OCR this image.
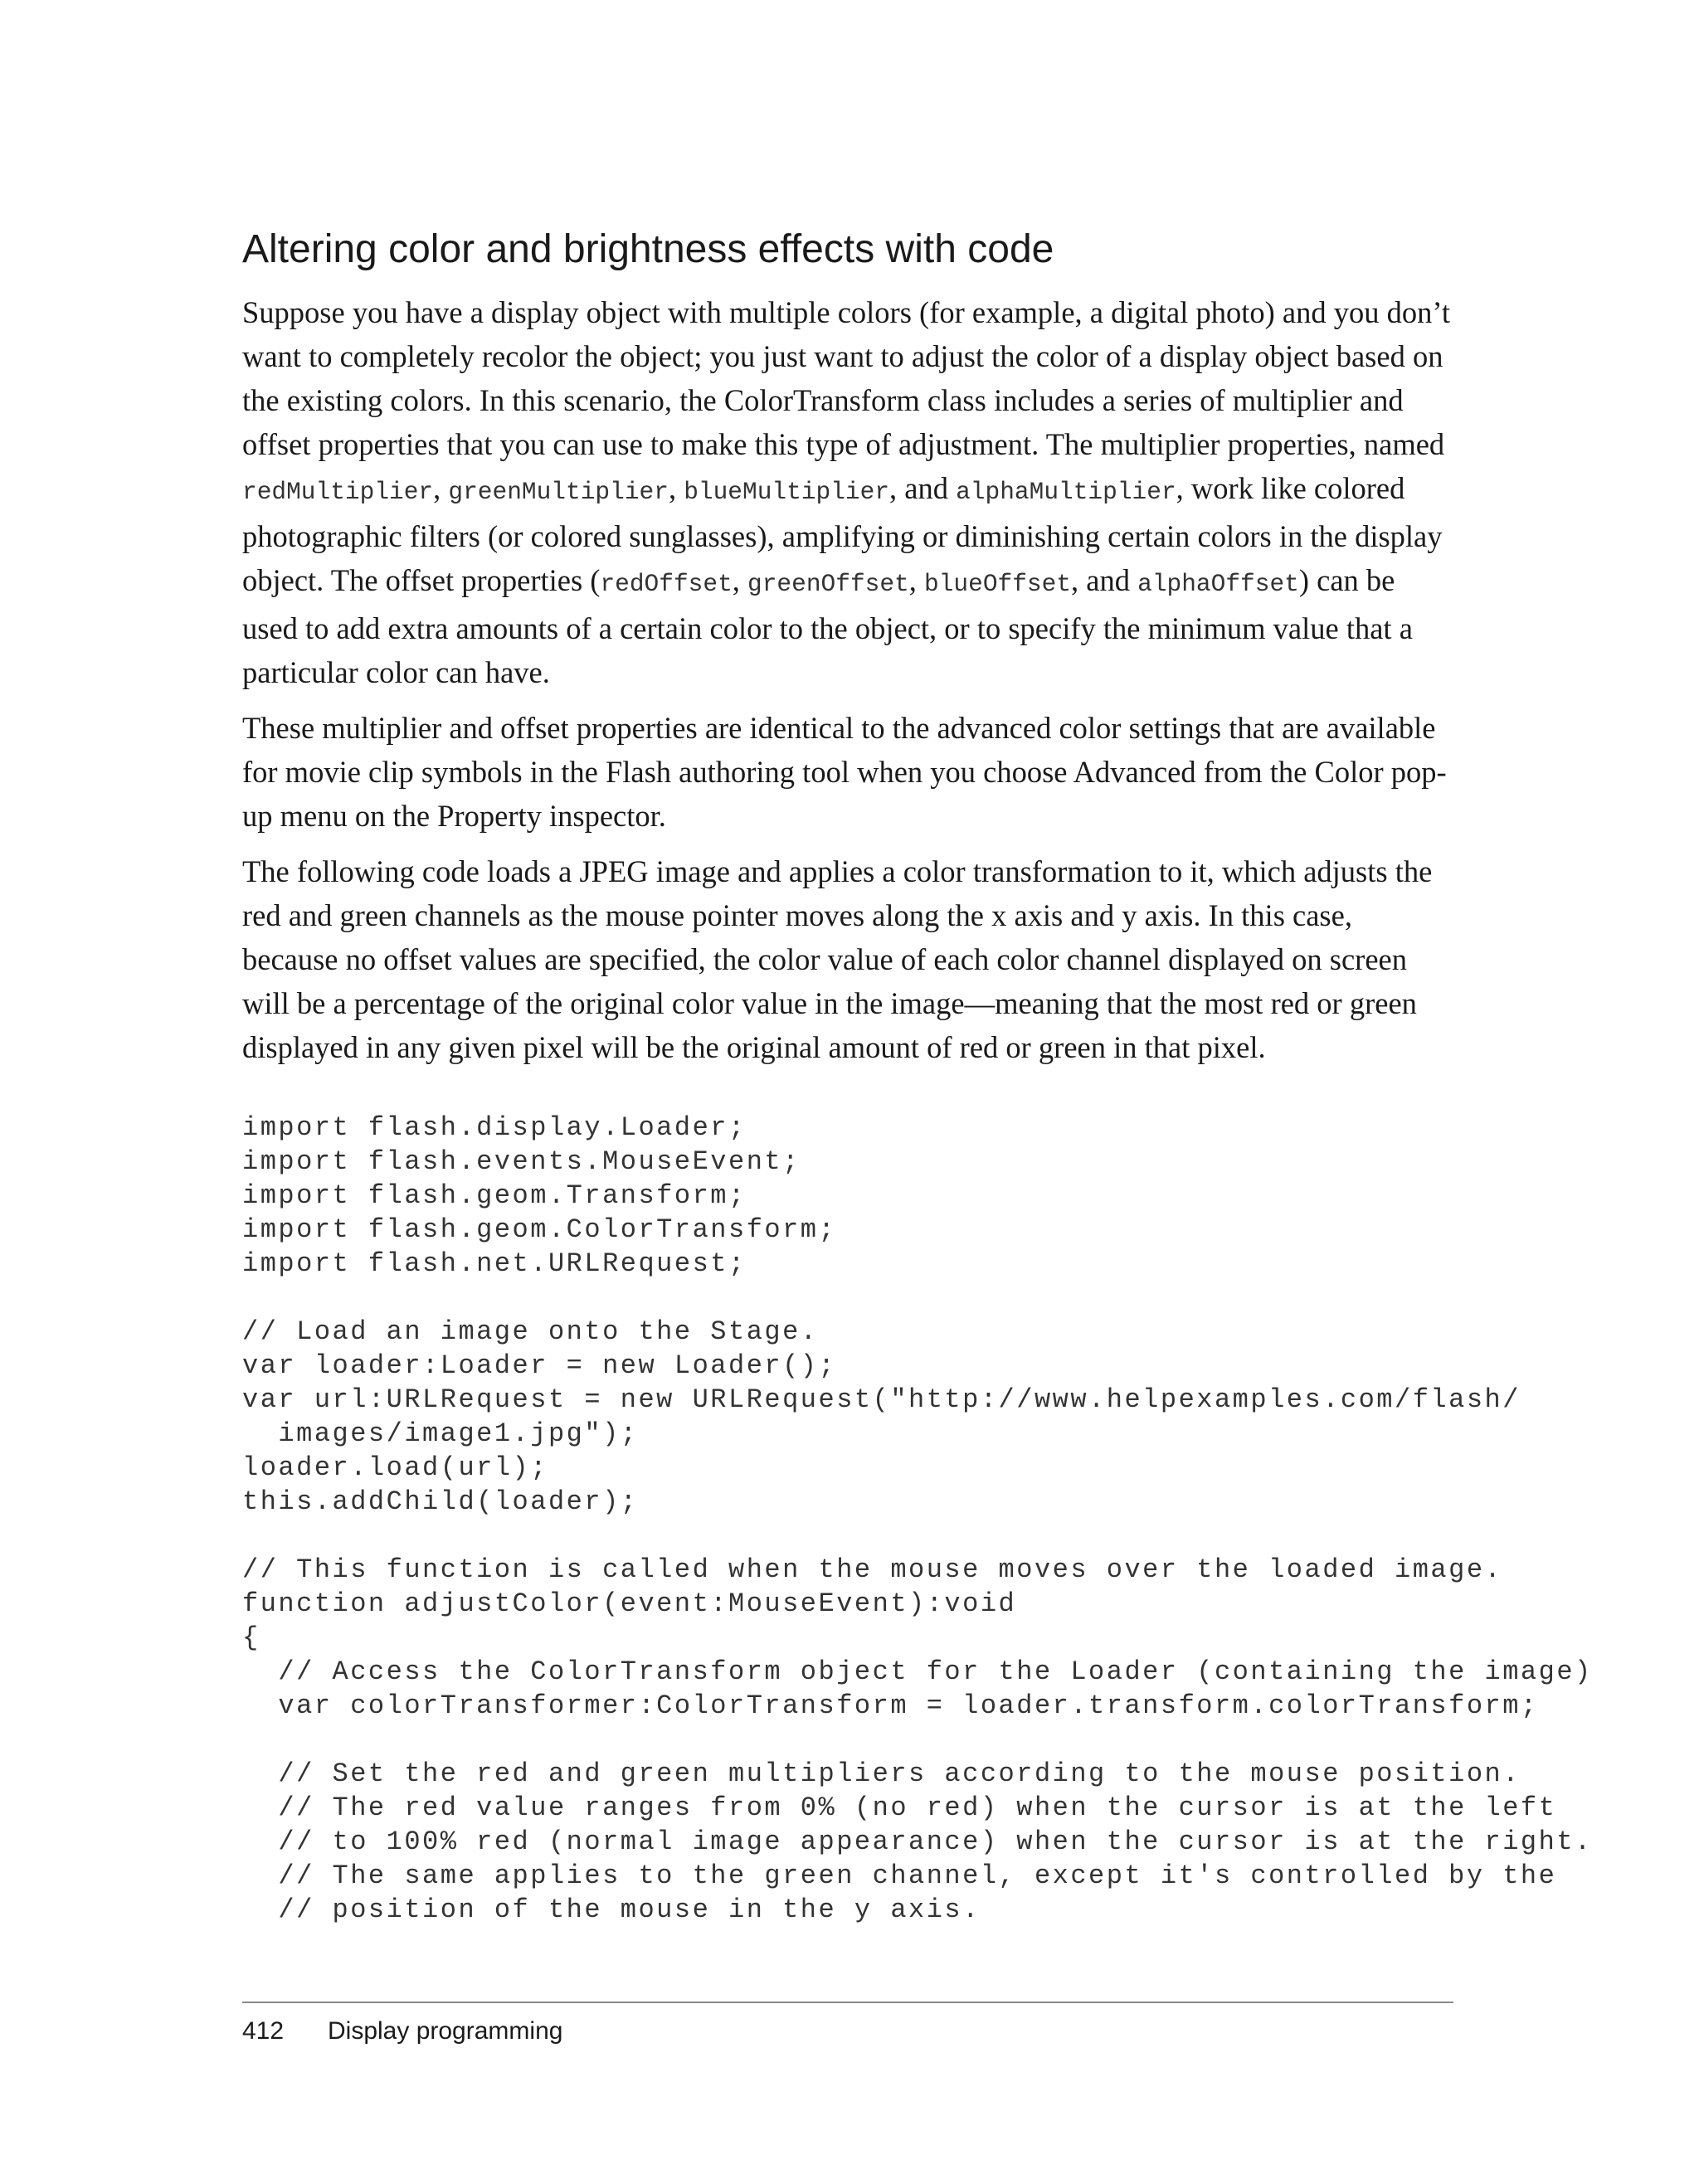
Altering color and brightness effects with code

Suppose you have a display object with multiple colors (for example, a digital photo) and you don’t want to completely recolor the object; you just want to adjust the color of a display object based on the existing colors. In this scenario, the ColorTransform class includes a series of multiplier and offset properties that you can use to make this type of adjustment. The multiplier properties, named redMultiplier, greenMultiplier, blueMultiplier, and alphaMultiplier, work like colored photographic filters (or colored sunglasses), amplifying or diminishing certain colors in the display object. The offset properties (redOffset, greenOffset, blueOffset, and alphaOffset) can be used to add extra amounts of a certain color to the object, or to specify the minimum value that a particular color can have.

These multiplier and offset properties are identical to the advanced color settings that are available for movie clip symbols in the Flash authoring tool when you choose Advanced from the Color pop-up menu on the Property inspector.

The following code loads a JPEG image and applies a color transformation to it, which adjusts the red and green channels as the mouse pointer moves along the x axis and y axis. In this case, because no offset values are specified, the color value of each color channel displayed on screen will be a percentage of the original color value in the image—meaning that the most red or green displayed in any given pixel will be the original amount of red or green in that pixel.

import flash.display.Loader;
import flash.events.MouseEvent;
import flash.geom.Transform;
import flash.geom.ColorTransform;
import flash.net.URLRequest;
// Load an image onto the Stage.
var loader:Loader = new Loader();
var url:URLRequest = new URLRequest("http://www.helpexamples.com/flash/
images/image1.jpg");
loader.load(url);
this.addChild(loader);
// This function is called when the mouse moves over the loaded image.
function adjustColor(event:MouseEvent):void
{
// Access the ColorTransform object for the Loader (containing the image)
var colorTransformer:ColorTransform = loader.transform.colorTransform;
// Set the red and green multipliers according to the mouse position.
// The red value ranges from 0% (no red) when the cursor is at the left
// to 100% red (normal image appearance) when the cursor is at the right.
// The same applies to the green channel, except it's controlled by the
// position of the mouse in the y axis.
412 Display programming
